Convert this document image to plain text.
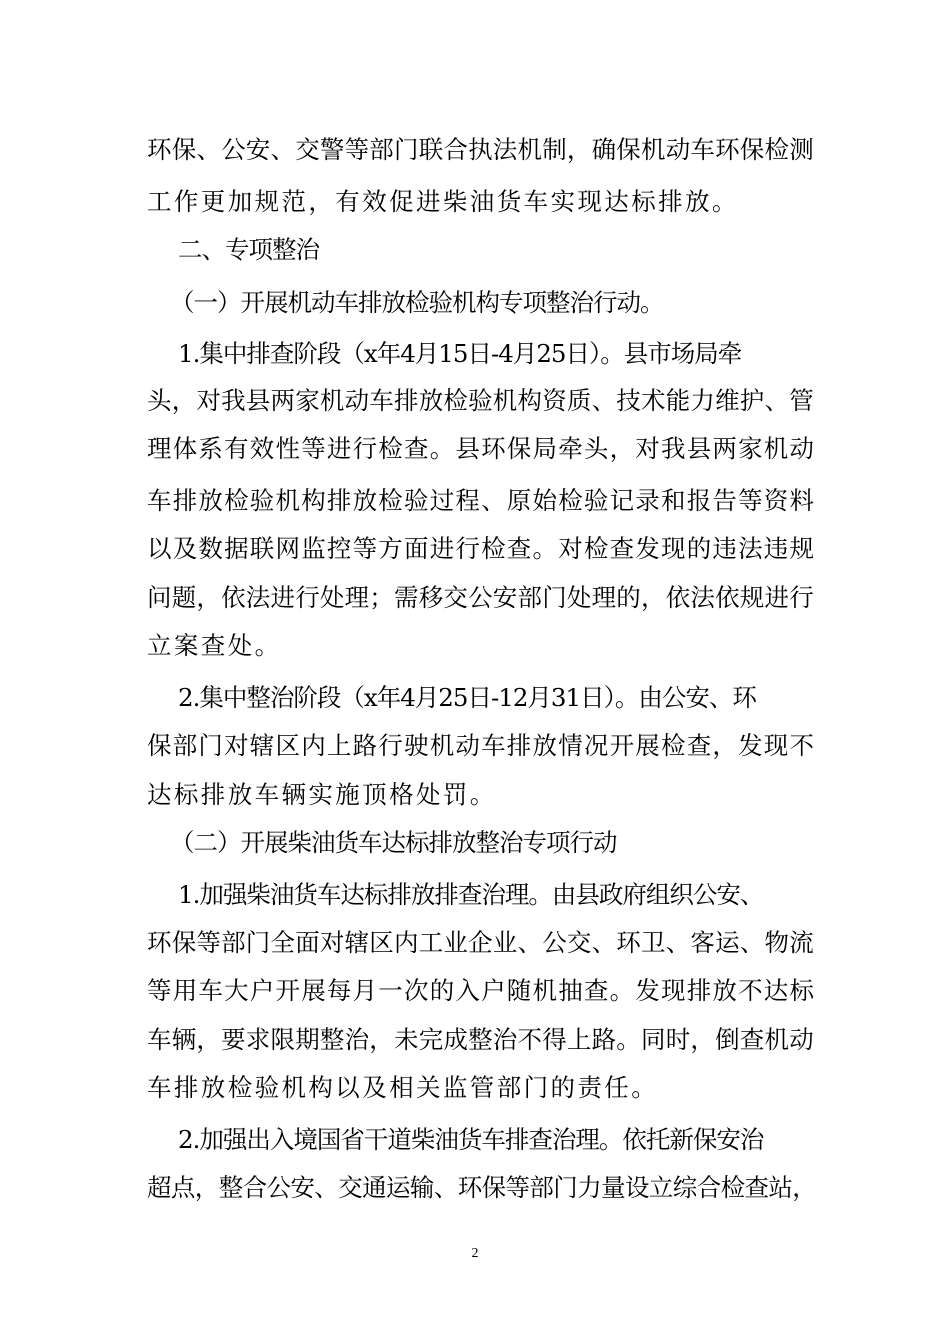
环保、公安、交警等部门联合执法机制，确保机动车环保检测
工作更加规范，有效促进柴油货车实现达标排放。
二、专项整治
（一）开展机动车排放检验机构专项整治行动。
1.集中排查阶段（x年4月15日-4月25日）。县市场局牵
头，对我县两家机动车排放检验机构资质、技术能力维护、管
理体系有效性等进行检查。县环保局牵头，对我县两家机动
车排放检验机构排放检验过程、原始检验记录和报告等资料
以及数据联网监控等方面进行检查。对检查发现的违法违规
问题，依法进行处理；需移交公安部门处理的，依法依规进行
立案查处。
2.集中整治阶段（x年4月25日-12月31日）。由公安、环
保部门对辖区内上路行驶机动车排放情况开展检查，发现不
达标排放车辆实施顶格处罚。
（二）开展柴油货车达标排放整治专项行动
1.加强柴油货车达标排放排查治理。由县政府组织公安、
环保等部门全面对辖区内工业企业、公交、环卫、客运、物流
等用车大户开展每月一次的入户随机抽查。发现排放不达标
车辆，要求限期整治，未完成整治不得上路。同时，倒查机动
车排放检验机构以及相关监管部门的责任。
2.加强出入境国省干道柴油货车排查治理。依托新保安治
超点，整合公安、交通运输、环保等部门力量设立综合检查站，
2
